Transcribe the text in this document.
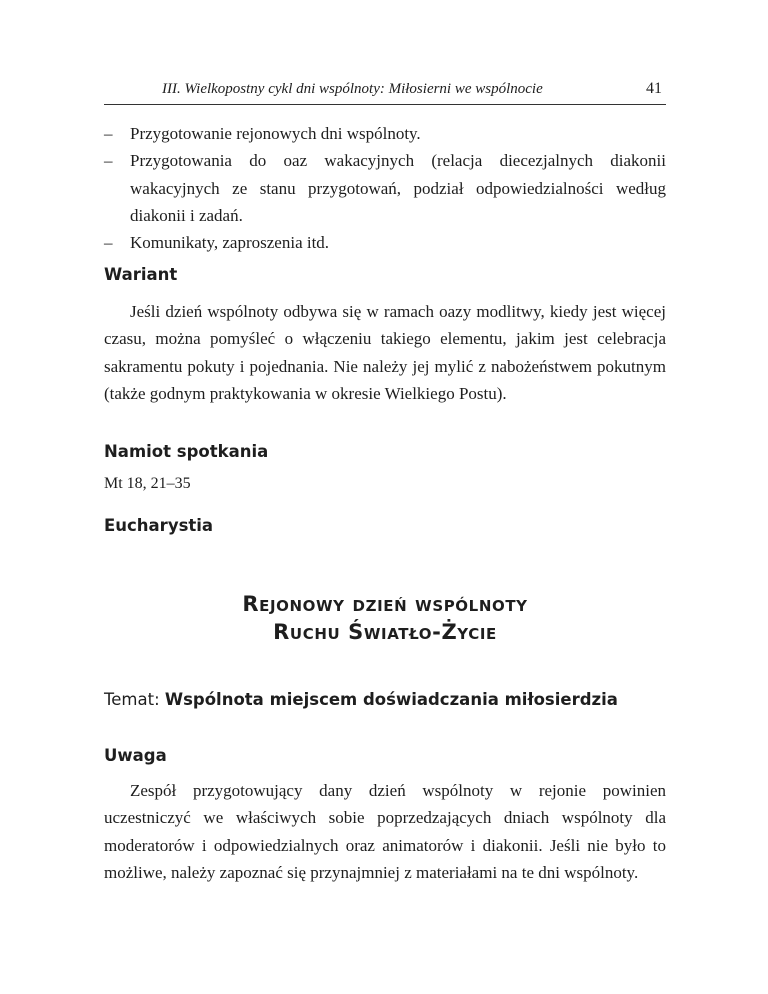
III. Wielkopostny cykl dni wspólnoty: Miłosierni we wspólnocie	41
– Przygotowanie rejonowych dni wspólnoty.
– Przygotowania do oaz wakacyjnych (relacja diecezjalnych diakonii wakacyjnych ze stanu przygotowań, podział odpowiedzialności według diakonii i zadań.
– Komunikaty, zaproszenia itd.
Wariant

Jeśli dzień wspólnoty odbywa się w ramach oazy modlitwy, kiedy jest więcej czasu, można pomyśleć o włączeniu takiego elementu, jakim jest celebracja sakramentu pokuty i pojednania. Nie należy jej mylić z nabożeństwem pokutnym (także godnym praktykowania w okresie Wielkiego Postu).

Namiot spotkania

Mt 18, 21–35

Eucharystia
Rejonowy dzień wspólnoty
Ruchu Światło-Życie
Temat: Wspólnota miejscem doświadczania miłosierdzia
Uwaga

Zespół przygotowujący dany dzień wspólnoty w rejonie powinien uczestniczyć we właściwych sobie poprzedzających dniach wspólnoty dla moderatorów i odpowiedzialnych oraz animatorów i diakonii. Jeśli nie było to możliwe, należy zapoznać się przynajmniej z materiałami na te dni wspólnoty.
